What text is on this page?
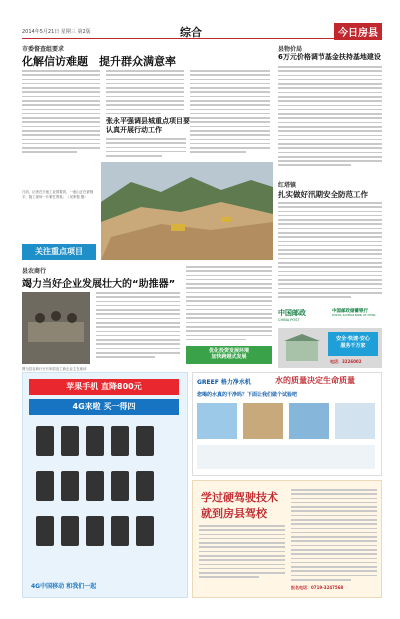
2014年5月21日 星期三 第2版	综合	今日房县
市委督查组要求
化解信访难题　提升群众满意率
张永平强调县城重点项目要认真开展行动工作
日前，记者在天池工业园看到，一座山正在被削平，施工现场一片繁忙景象。（吴家强 摄）
关注重点项目
县农商行
竭力当好企业发展壮大的“助推器”
优化投资发展环境
加快跨越式发展
图为县农商行行长和县直工商企业主在座谈
县物价局
6万元价格调节基金扶持基地建设
红塔镇
扎实做好汛期安全防范工作
中国邮政
CHINA POST
中国邮政储蓄银行
POSTAL SAVINGS BANK OF CHINA
安全·快速·安心
服务千万家
电话：3226002
苹果手机 直降800元
4G来啦 买一得四
4G中国移动 和我们一起
GREEF 格力净水机	水的质量决定生命质量
您喝的水真的干净吗？下面让我们做个试验吧
学过硬驾驶技术
就到房县驾校
报名电话：0719-3247568
